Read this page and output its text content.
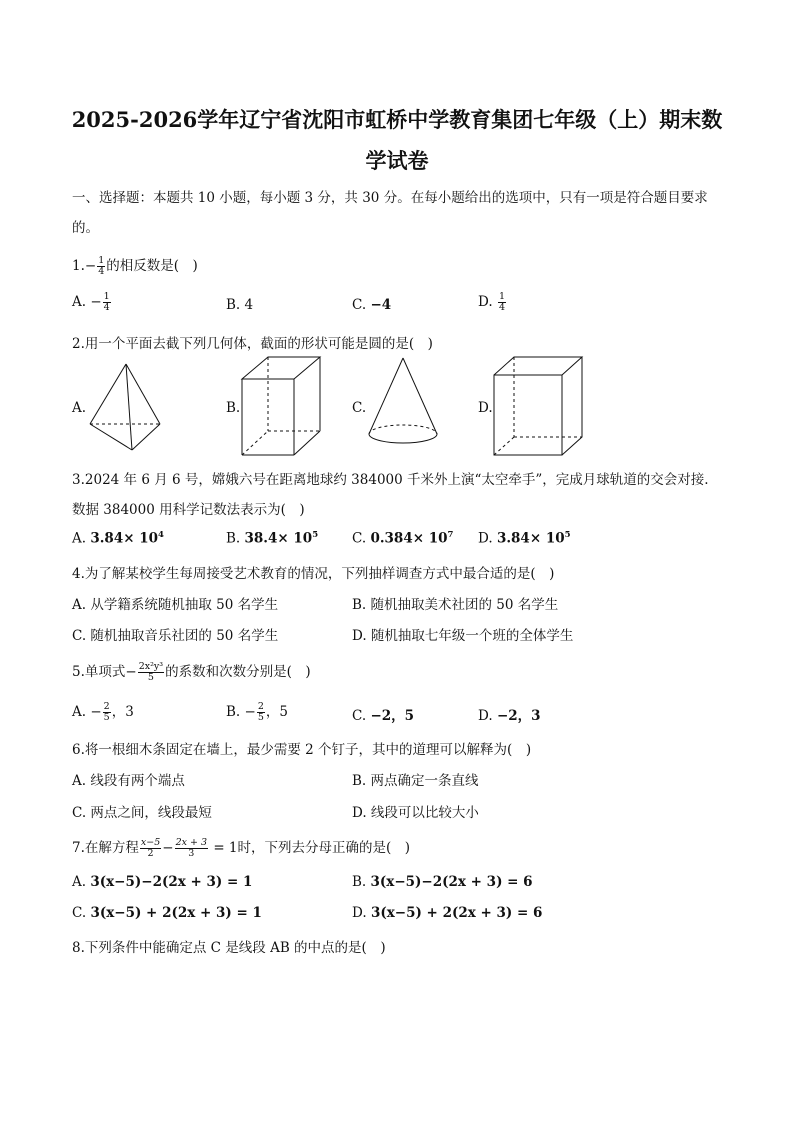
2025-2026学年辽宁省沈阳市虹桥中学教育集团七年级（上）期末数
学试卷
一、选择题：本题共 10 小题，每小题 3 分，共 30 分。在每小题给出的选项中，只有一项是符合题目要求
的。
$1.- \frac{1}{4}$ 的相反数是(　)
A. − $\frac{1}{4}$	B. 4	C. −4	D. $\frac{1}{4}$
2.用一个平面去截下列几何体，截面的形状可能是圆的是(　)
A.	B.	C.	D.
3.2024 年 6 月 6 号，嫦娥六号在距离地球约 384000 千米外上演“太空牵手”，完成月球轨道的交会对接.
数据 384000 用科学记数法表示为(　)
A. $3.84\times 10^4$	B. $38.4\times 10^5$	C. $0.384\times 10^7$ D. $3.84\times 10^5$
4.为了解某校学生每周接受艺术教育的情况，下列抽样调查方式中最合适的是(　)
A. 从学籍系统随机抽取 50 名学生	B. 随机抽取美术社团的 50 名学生
C. 随机抽取音乐社团的 50 名学生	D. 随机抽取七年级一个班的全体学生
5.单项式− $\frac{\text{2x²y³}}{5}$ 的系数和次数分别是(　)
A. − $\frac{2}{5}$ ，3	B. − $\frac{2}{5}$ ，5	C. −2，5	D. −2，3
6.将一根细木条固定在墙上，最少需要 2 个钉子，其中的道理可以解释为(　)
A. 线段有两个端点	B. 两点确定一条直线
C. 两点之间，线段最短	D. 线段可以比较大小
7.在解方程 $\frac{x-5}{2} - \frac{2x + 3}{3} = 1$时，下列去分母正确的是(　)
A. 3(x−5)−2(2x + 3) = 1	B. 3(x−5)−2(2x + 3) = 6
C. 3(x−5) + 2(2x + 3) = 1	D. 3(x−5) + 2(2x + 3) = 6
8.下列条件中能确定点 C 是线段 AB 的中点的是(　)
